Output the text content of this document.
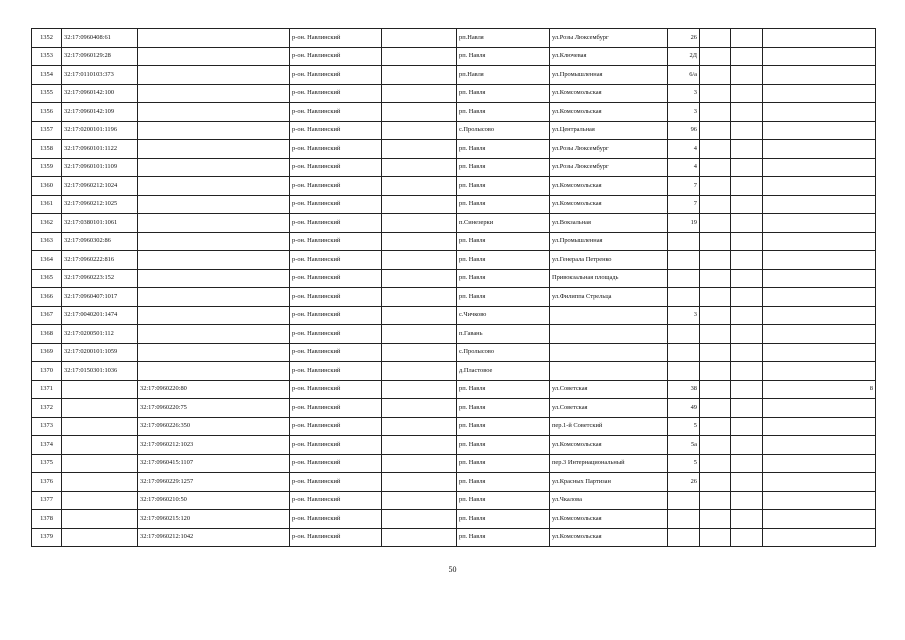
1352	32:17:0960408:61		р-он. Навлинский		рп.Навля	ул.Розы Люксембург	26			
1353	32:17:0960129:28		р-он. Навлинский		рп. Навля	ул.Ключевая	2Д			
1354	32:17:0110103:373		р-он. Навлинский		рп.Навля	ул.Промышленная	6/а			
1355	32:17:0960142:100		р-он. Навлинский		рп. Навля	ул.Комсомольская	3			
1356	32:17:0960142:109		р-он. Навлинский		рп. Навля	ул.Комсомольская	3			
1357	32:17:0200101:1196		р-он. Навлинский		с.Пролысово	ул.Центральная	96			
1358	32:17:0960101:1122		р-он. Навлинский		рп. Навля	ул.Розы Люксембург	4			
1359	32:17:0960101:1109		р-он. Навлинский		рп. Навля	ул.Розы Люксембург	4			
1360	32:17:0960212:1024		р-он. Навлинский		рп. Навля	ул.Комсомольская	7			
1361	32:17:0960212:1025		р-он. Навлинский		рп. Навля	ул.Комсомольская	7			
1362	32:17:0380101:1061		р-он. Навлинский		п.Синезерки	ул.Вокзальная	19			
1363	32:17:0960302:86		р-он. Навлинский		рп. Навля	ул.Промышленная				
1364	32:17:0960222:816		р-он. Навлинский		рп. Навля	ул.Генерала Петренко				
1365	32:17:0960223:152		р-он. Навлинский		рп. Навля	Привокзальная площадь				
1366	32:17:0960407:1017		р-он. Навлинский		рп. Навля	ул.Филиппа Стрельца				
1367	32:17:0040201:1474		р-он. Навлинский		с.Чичково		3			
1368	32:17:0200501:112		р-он. Навлинский		п.Гавань					
1369	32:17:0200101:1059		р-он. Навлинский		с.Пролысово					
1370	32:17:0150301:1036		р-он. Навлинский		д.Пластовое					
1371		32:17:0960220:80	р-он. Навлинский		рп. Навля	ул.Советская	38			8
1372		32:17:0960220:75	р-он. Навлинский		рп. Навля	ул.Советская	49			
1373		32:17:0960226:350	р-он. Навлинский		рп. Навля	пер.1-й Советский	5			
1374		32:17:0960212:1023	р-он. Навлинский		рп. Навля	ул.Комсомольская	5а			
1375		32:17:0960415:1107	р-он. Навлинский		рп. Навля	пер.3 Интернациональный	5			
1376		32:17:0960229:1257	р-он. Навлинский		рп. Навля	ул.Красных Партизан	26			
1377		32:17:0960210:50	р-он. Навлинский		рп. Навля	ул.Чкалова				
1378		32:17:0960215:120	р-он. Навлинский		рп. Навля	ул.Комсомольская				
1379		32:17:0960212:1042	р-он. Навлинский		рп. Навля	ул.Комсомольская				
50
